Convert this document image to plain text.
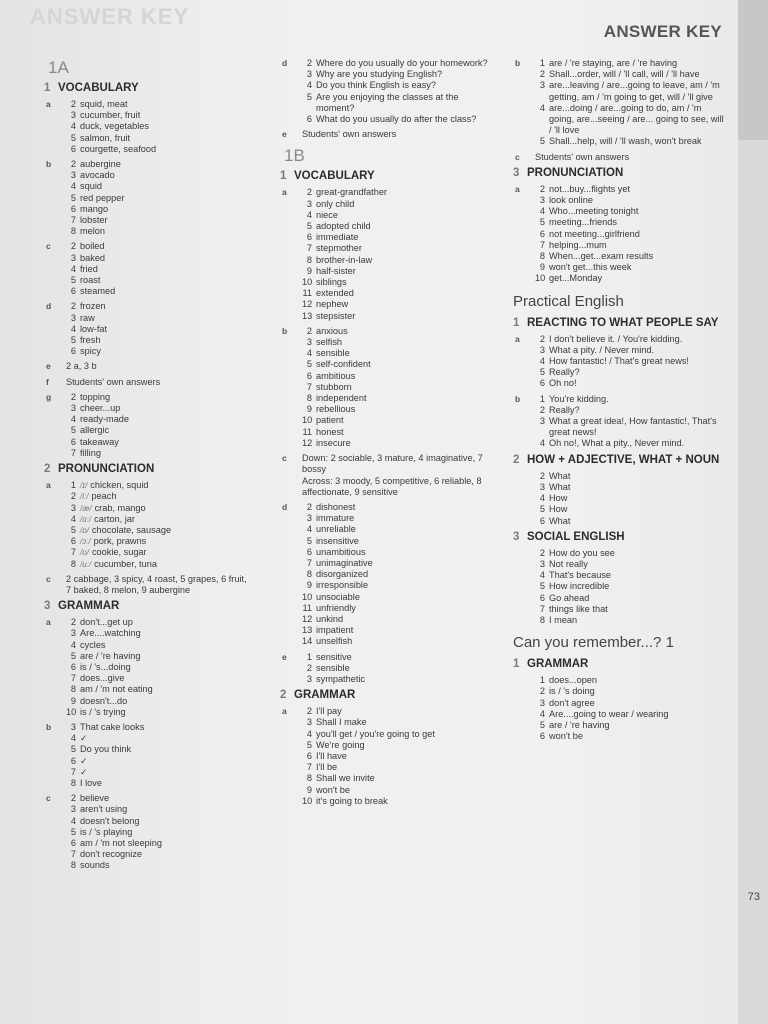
ANSWER KEY
ANSWER KEY
73
1A
1 VOCABULARY
a	2 squid, meat
3 cucumber, fruit
4 duck, vegetables
5 salmon, fruit
6 courgette, seafood
b	2 aubergine
3 avocado
4 squid
5 red pepper
6 mango
7 lobster
8 melon
c	2 boiled
3 baked
4 fried
5 roast
6 steamed
d	2 frozen
3 raw
4 low-fat
5 fresh
6 spicy
e	2 a, 3 b
f	Students' own answers
g	2 topping
3 cheer...up
4 ready-made
5 allergic
6 takeaway
7 filling
2 PRONUNCIATION
a	1 /ɪ/ chicken, squid
2 /iː/ peach
3 /æ/ crab, mango
4 /ɑː/ carton, jar
5 /ɒ/ chocolate, sausage
6 /ɔː/ pork, prawns
7 /ʊ/ cookie, sugar
8 /uː/ cucumber, tuna
c	2 cabbage, 3 spicy, 4 roast, 5 grapes, 6 fruit, 7 baked, 8 melon, 9 aubergine
3 GRAMMAR
a	2 don't...get up
3 Are....watching
4 cycles
5 are / 're having
6 is / 's...doing
7 does...give
8 am / 'm not eating
9 doesn't...do
10 is / 's trying
b	3 That cake looks
4 ✓
5 Do you think
6 ✓
7 ✓
8 I love
c	2 believe
3 aren't using
4 doesn't belong
5 is / 's playing
6 am / 'm not sleeping
7 don't recognize
8 sounds
d	2 Where do you usually do your homework?
3 Why are you studying English?
4 Do you think English is easy?
5 Are you enjoying the classes at the moment?
6 What do you usually do after the class?
e	Students' own answers
1B
1 VOCABULARY
a	2 great-grandfather
3 only child
4 niece
5 adopted child
6 immediate
7 stepmother
8 brother-in-law
9 half-sister
10 siblings
11 extended
12 nephew
13 stepsister
b	2 anxious
3 selfish
4 sensible
5 self-confident
6 ambitious
7 stubborn
8 independent
9 rebellious
10 patient
11 honest
12 insecure
c	Down: 2 sociable, 3 mature, 4 imaginative, 7 bossy
Across: 3 moody, 5 competitive, 6 reliable, 8 affectionate, 9 sensitive
d	2 dishonest
3 immature
4 unreliable
5 insensitive
6 unambitious
7 unimaginative
8 disorganized
9 irresponsible
10 unsociable
11 unfriendly
12 unkind
13 impatient
14 unselfish
e	1 sensitive
2 sensible
3 sympathetic
2 GRAMMAR
a	2 I'll pay
3 Shall I make
4 you'll get / you're going to get
5 We're going
6 I'll have
7 I'll be
8 Shall we invite
9 won't be
10 it's going to break
b	1 are / 're staying, are / 're having
2 Shall...order, will / 'll call, will / 'll have
3 are...leaving / are...going to leave, am / 'm getting, am / 'm going to get, will / 'll give
4 are...doing / are...going to do, am / 'm going, are...seeing / are... going to see, will / 'll love
5 Shall...help, will / 'll wash, won't break
c	Students' own answers
3 PRONUNCIATION
a	2 not...buy...flights yet
3 look online
4 Who...meeting tonight
5 meeting...friends
6 not meeting...girlfriend
7 helping...mum
8 When...get...exam results
9 won't get...this week
10 get...Monday
Practical English
1 REACTING TO WHAT PEOPLE SAY
a	2 I don't believe it. / You're kidding.
3 What a pity. / Never mind.
4 How fantastic! / That's great news!
5 Really?
6 Oh no!
b	1 You're kidding.
2 Really?
3 What a great idea!, How fantastic!, That's great news!
4 Oh no!, What a pity., Never mind.
2 HOW + ADJECTIVE, WHAT + NOUN
2 What
3 What
4 How
5 How
6 What
3 SOCIAL ENGLISH
2 How do you see
3 Not really
4 That's because
5 How incredible
6 Go ahead
7 things like that
8 I mean
Can you remember...? 1
1 GRAMMAR
1 does...open
2 is / 's doing
3 don't agree
4 Are....going to wear / wearing
5 are / 're having
6 won't be
